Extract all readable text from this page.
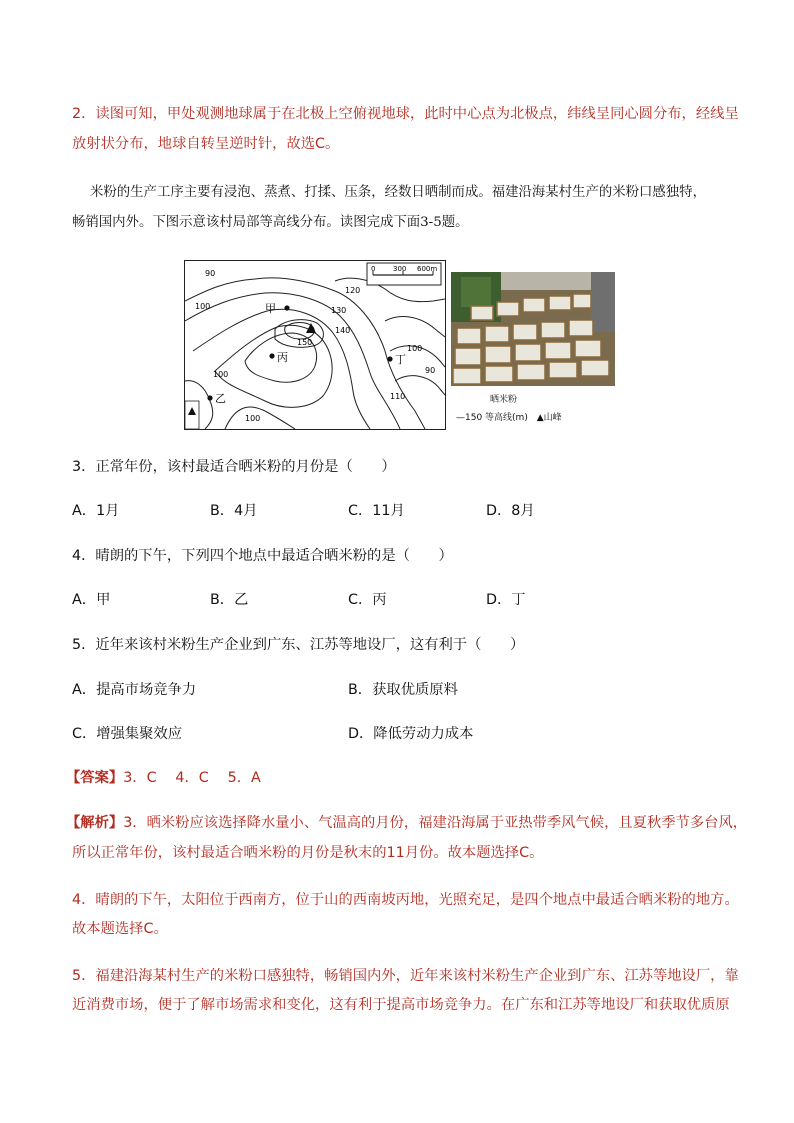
2．读图可知，甲处观测地球属于在北极上空俯视地球，此时中心点为北极点，纬线呈同心圆分布，经线呈
放射状分布，地球自转呈逆时针，故选C。
米粉的生产工序主要有浸泡、蒸煮、打揉、压条，经数日晒制而成。福建沿海某村生产的米粉口感独特，
畅销国内外。下图示意该村局部等高线分布。读图完成下面3-5题。
0	300 600m
90
100
120
130
140
150
100	90
110
100
100
甲
丙	丁
乙	晒米粉
—150 等高线(m) ▲山峰
3．正常年份，该村最适合晒米粉的月份是（　　）
A．1月	B．4月	C．11月	D．8月
4．晴朗的下午，下列四个地点中最适合晒米粉的是（　　）
A．甲	B．乙	C．丙	D．丁
5．近年来该村米粉生产企业到广东、江苏等地设厂，这有利于（　　）
A．提高市场竞争力	B．获取优质原料
C．增强集聚效应	D．降低劳动力成本
【答案】3．C　 4．C　 5．A
【解析】3．晒米粉应该选择降水量小、气温高的月份，福建沿海属于亚热带季风气候，且夏秋季节多台风，
所以正常年份，该村最适合晒米粉的月份是秋末的11月份。故本题选择C。
4．晴朗的下午，太阳位于西南方，位于山的西南坡丙地，光照充足，是四个地点中最适合晒米粉的地方。
故本题选择C。
5．福建沿海某村生产的米粉口感独特，畅销国内外，近年来该村米粉生产企业到广东、江苏等地设厂，靠
近消费市场，便于了解市场需求和变化，这有利于提高市场竞争力。在广东和江苏等地设厂和获取优质原
